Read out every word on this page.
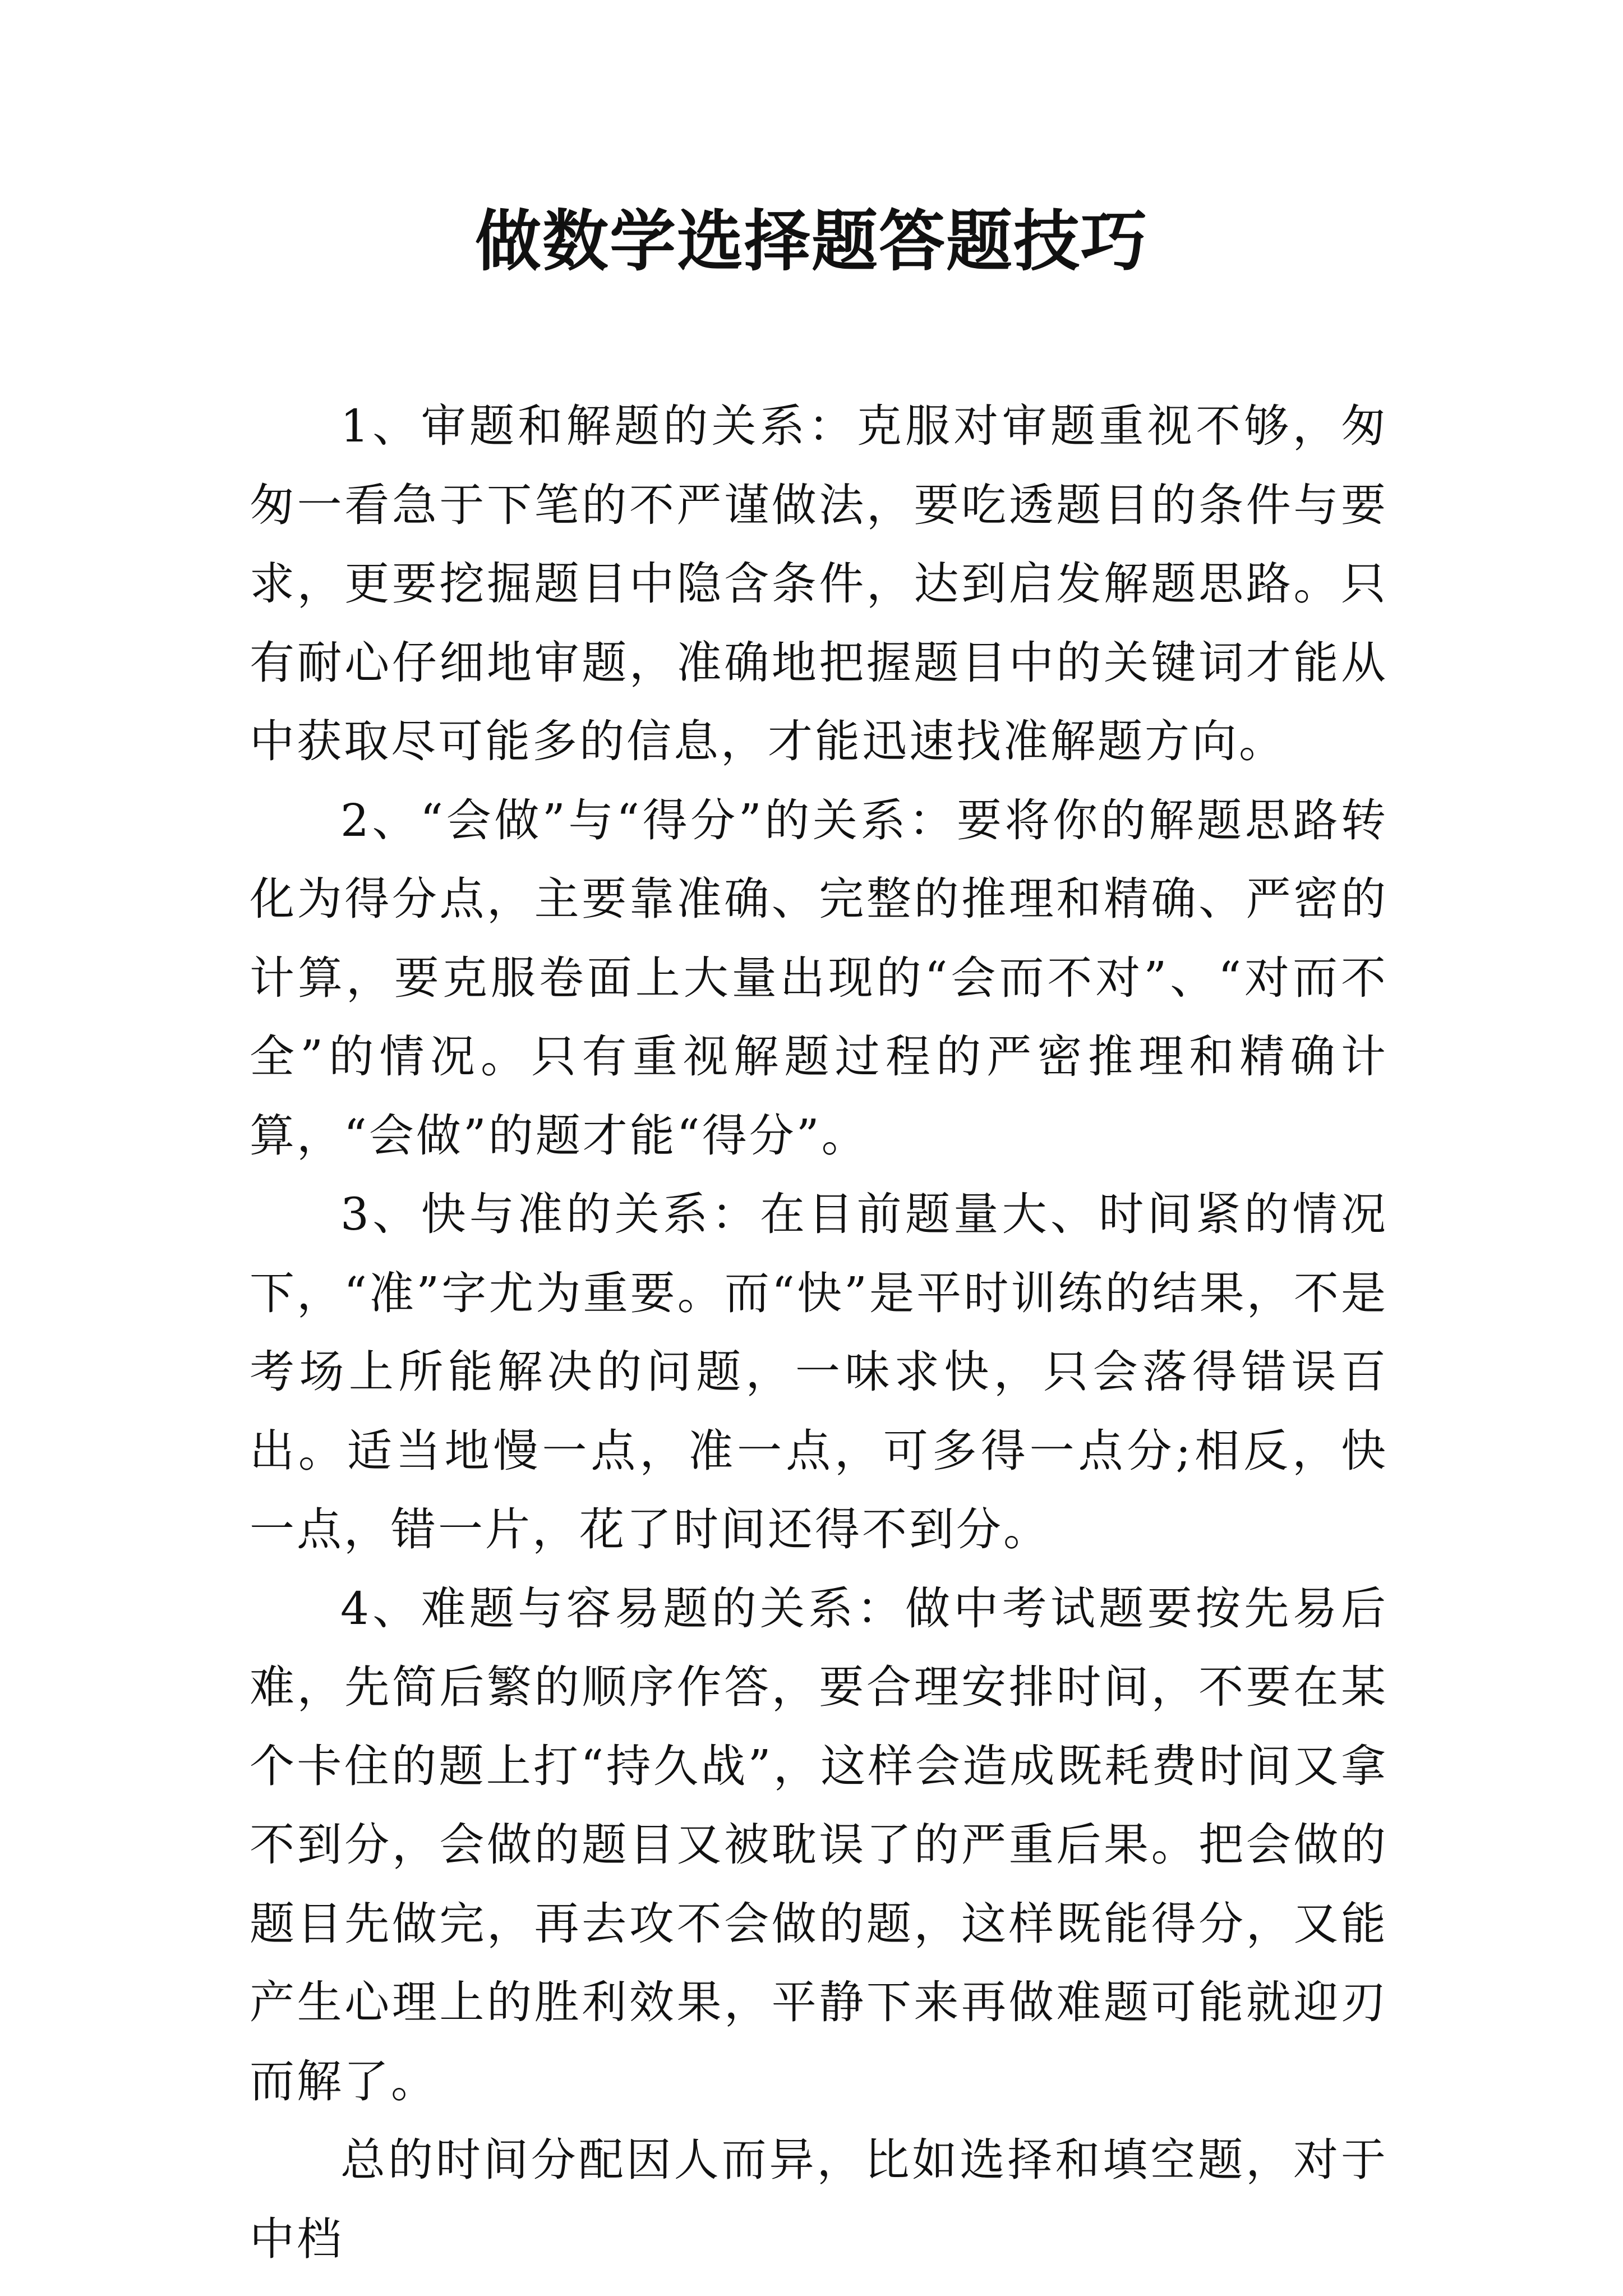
做数学选择题答题技巧

1、审题和解题的关系：克服对审题重视不够，匆匆一看急于下笔的不严谨做法，要吃透题目的条件与要求，更要挖掘题目中隐含条件，达到启发解题思路。只有耐心仔细地审题，准确地把握题目中的关键词才能从中获取尽可能多的信息，才能迅速找准解题方向。

2、“会做”与“得分”的关系：要将你的解题思路转化为得分点，主要靠准确、完整的推理和精确、严密的计算，要克服卷面上大量出现的“会而不对”、“对而不全”的情况。只有重视解题过程的严密推理和精确计算，“会做”的题才能“得分”。

3、快与准的关系：在目前题量大、时间紧的情况下，“准”字尤为重要。而“快”是平时训练的结果，不是考场上所能解决的问题，一味求快，只会落得错误百出。适当地慢一点，准一点，可多得一点分;相反，快一点，错一片，花了时间还得不到分。

4、难题与容易题的关系：做中考试题要按先易后难，先简后繁的顺序作答，要合理安排时间，不要在某个卡住的题上打“持久战”，这样会造成既耗费时间又拿不到分，会做的题目又被耽误了的严重后果。把会做的题目先做完，再去攻不会做的题，这样既能得分，又能产生心理上的胜利效果，平静下来再做难题可能就迎刃而解了。

总的时间分配因人而异，比如选择和填空题，对于中档
